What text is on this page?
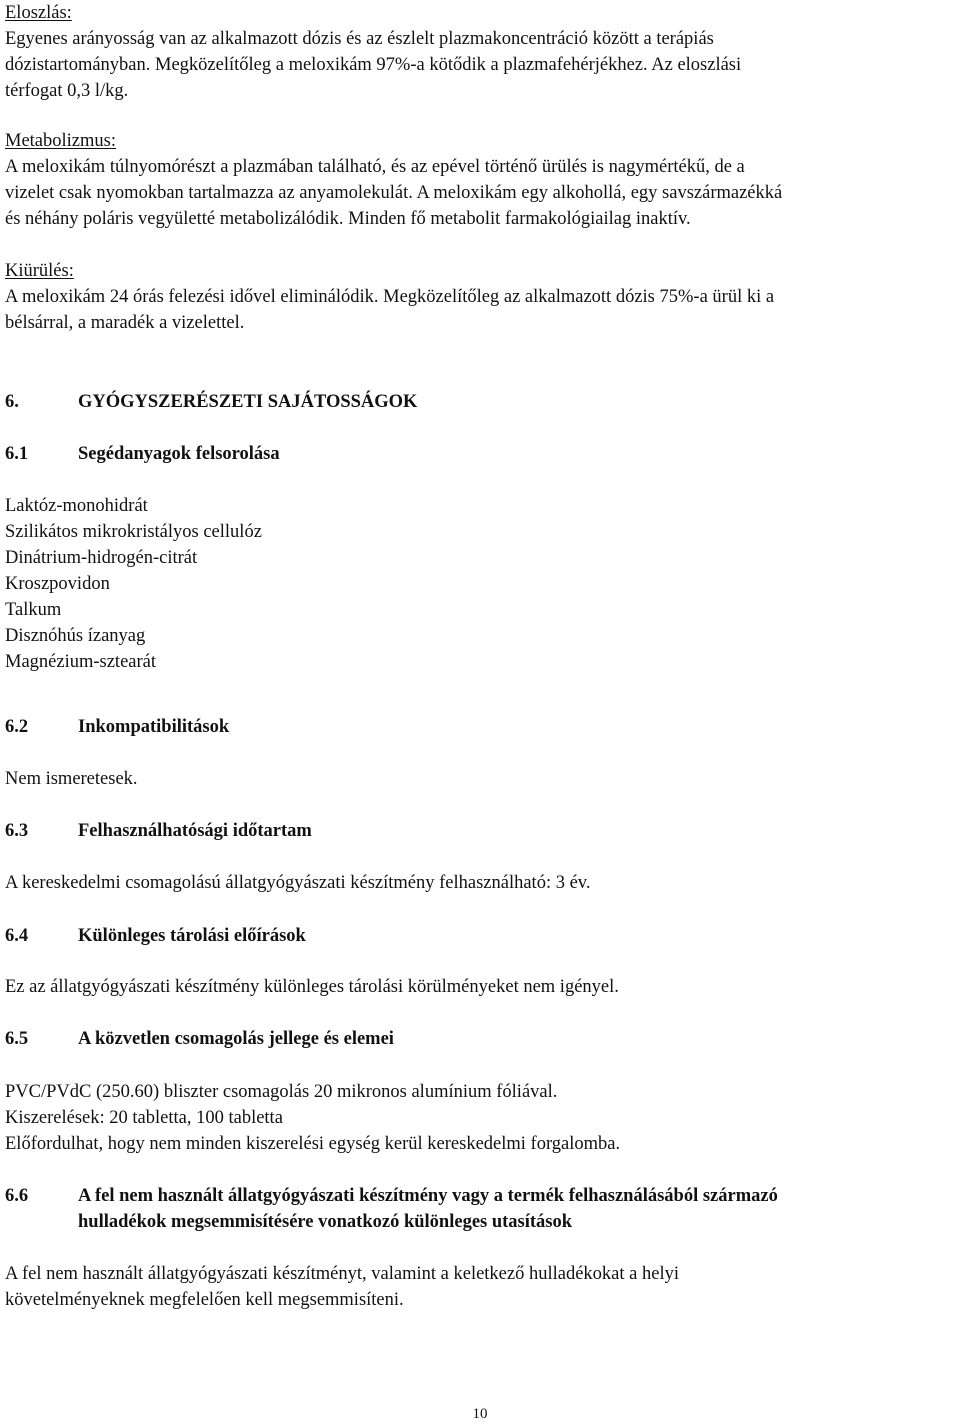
Eloszlás:
Egyenes arányosság van az alkalmazott dózis és az észlelt plazmakoncentráció között a terápiás
dózistartományban. Megközelítőleg a meloxikám 97%-a kötődik a plazmafehérjékhez. Az eloszlási
térfogat 0,3 l/kg.
Metabolizmus:
A meloxikám túlnyomórészt a plazmában található, és az epével történő ürülés is nagymértékű, de a
vizelet csak nyomokban tartalmazza az anyamolekulát. A meloxikám egy alkohollá, egy savszármazékká
és néhány poláris vegyületté metabolizálódik. Minden fő metabolit farmakológiailag inaktív.
Kiürülés:
A meloxikám 24 órás felezési idővel eliminálódik. Megközelítőleg az alkalmazott dózis 75%-a ürül ki a
bélsárral, a maradék a vizelettel.
6.	GYÓGYSZERÉSZETI SAJÁTOSSÁGOK
6.1	Segédanyagok felsorolása
Laktóz-monohidrát
Szilikátos mikrokristályos cellulóz
Dinátrium-hidrogén-citrát
Kroszpovidon
Talkum
Disznóhús ízanyag
Magnézium-sztearát
6.2	Inkompatibilitások
Nem ismeretesek.
6.3	Felhasználhatósági időtartam
A kereskedelmi csomagolású állatgyógyászati készítmény felhasználható: 3 év.
6.4	Különleges tárolási előírások
Ez az állatgyógyászati készítmény különleges tárolási körülményeket nem igényel.
6.5	A közvetlen csomagolás jellege és elemei
PVC/PVdC (250.60) bliszter csomagolás 20 mikronos alumínium fóliával.
Kiszerelések: 20 tabletta, 100 tabletta
Előfordulhat, hogy nem minden kiszerelési egység kerül kereskedelmi forgalomba.
6.6	A fel nem használt állatgyógyászati készítmény vagy a termék felhasználásából származó
hulladékok megsemmisítésére vonatkozó különleges utasítások
A fel nem használt állatgyógyászati készítményt, valamint a keletkező hulladékokat a helyi
követelményeknek megfelelően kell megsemmisíteni.
10
